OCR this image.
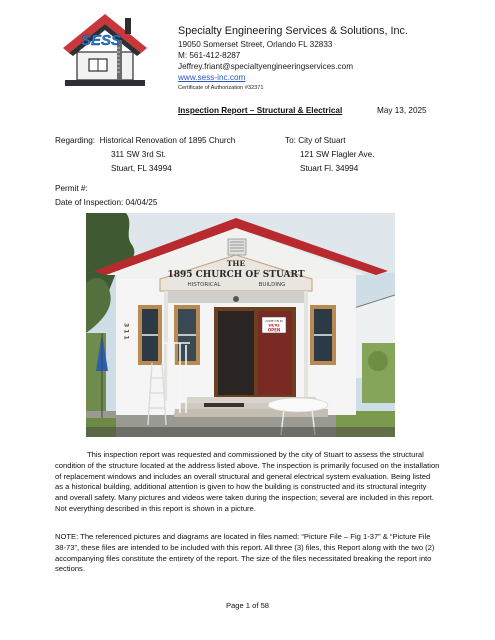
SESS
Specialty Engineering Services & Solutions, Inc.
19050 Somerset Street, Orlando FL 32833
M: 561-412-8287
Jeffrey.friant@specialtyengineeringservices.com
www.sess-inc.com
Certificate of Authorization #32371
Inspection Report – Structural & Electrical	May 13, 2025
Regarding: Historical Renovation of 1895 Church
311 SW 3rd St.
Stuart, FL 34994
To: City of Stuart
121 SW Flagler Ave.
Stuart Fl. 34994
Permit #:
Date of Inspection: 04/04/25
THE
1895 CHURCH OF STUART
HISTORICAL	BUILDING
3 1 1
COME ON IN
WE'RE
OPEN
This inspection report was requested and commissioned by the city of Stuart to assess the structural condition of the structure located at the address listed above. The inspection is primarily focused on the installation of replacement windows and includes an overall structural and general electrical system evaluation. Being listed as a historical building, additional attention is given to how the building is constructed and its structural integrity and overall safety. Many pictures and videos were taken during the inspection; several are included in this report. Not everything described in this report is shown in a picture.
NOTE: The referenced pictures and diagrams are located in files named: “Picture File – Fig 1-37” & “Picture File 38-73”, these files are intended to be included with this report. All three (3) files, this Report along with the two (2) accompanying files constitute the entirety of the report. The size of the files necessitated breaking the report into sections.
Page 1 of 58
